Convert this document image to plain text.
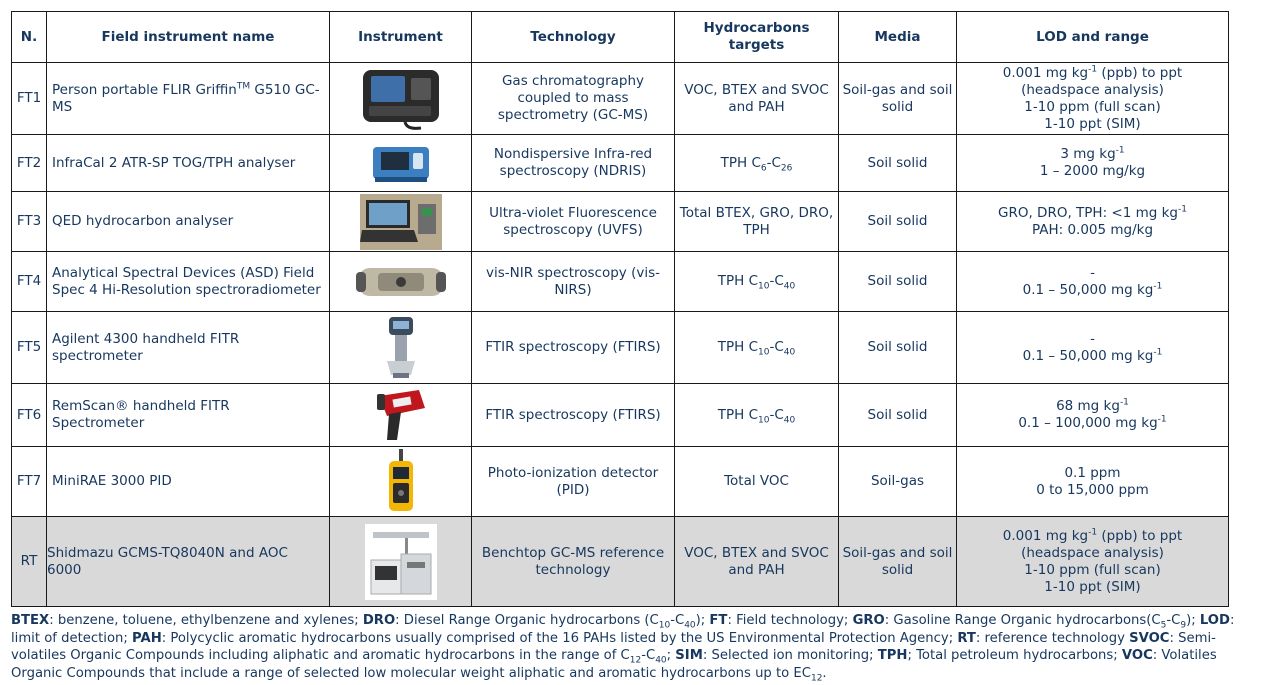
N.	Field instrument name	Instrument	Technology	Hydrocarbons targets	Media	LOD and range
FT1	Person portable FLIR Griffin™ G510 GC-MS		Gas chromatography coupled to mass spectrometry (GC-MS)	VOC, BTEX and SVOC and PAH	Soil-gas and soil solid	0.001 mg $kg^{-1}$ (ppb) to ppt
(headspace analysis)
1-10 ppm (full scan)
1-10 ppt (SIM)

FT2	InfraCal 2 ATR-SP TOG/TPH analyser		Nondispersive Infra-red spectroscopy (NDRIS)	TPH $C_6-C_{26}$	Soil solid	3 mg $kg^{-1}$
1 – 2000 mg/kg

FT3	QED hydrocarbon analyser		Ultra-violet Fluorescence spectroscopy (UVFS)	Total BTEX, GRO, DRO, TPH	Soil solid	GRO, DRO, TPH: <1 mg $kg^{-1}$
PAH: 0.005 mg/kg

FT4	Analytical Spectral Devices (ASD) Field Spec 4 Hi-Resolution spectroradiometer		vis-NIR spectroscopy (vis-NIRS)	TPH $C_{10}-C_{40}$	Soil solid	-
0.1 – 50,000 mg $kg^{-1}$

FT5	Agilent 4300 handheld FITR spectrometer		FTIR spectroscopy (FTIRS)	TPH $C_{10}-C_{40}$	Soil solid	-
0.1 – 50,000 mg $kg^{-1}$

FT6	RemScan® handheld FITR Spectrometer		FTIR spectroscopy (FTIRS)	TPH $C_{10}-C_{40}$	Soil solid	68 mg $kg^{-1}$
0.1 – 100,000 mg $kg^{-1}$

FT7	MiniRAE 3000 PID		Photo-ionization detector (PID)	Total VOC	Soil-gas	0.1 ppm
0 to 15,000 ppm

RT	Shidmazu GCMS-TQ8040N and AOC 6000		Benchtop GC-MS reference technology	VOC, BTEX and SVOC and PAH	Soil-gas and soil solid	0.001 mg $kg^{-1}$ (ppb) to ppt
(headspace analysis)
1-10 ppm (full scan)
1-10 ppt (SIM)
BTEX: benzene, toluene, ethylbenzene and xylenes; DRO: Diesel Range Organic hydrocarbons $(C_{10}-C_{40})$; FT: Field technology; GRO: Gasoline Range Organic $hydrocarbons(C_5-C_9)$; LOD: limit of detection; PAH: Polycyclic aromatic hydrocarbons usually comprised of the 16 PAHs listed by the US Environmental Protection Agency; RT: reference technology SVOC: Semi-volatiles Organic Compounds including aliphatic and aromatic hydrocarbons in the range of $C_{12}-C_{40}$; SIM: Selected ion monitoring; TPH; Total petroleum hydrocarbons; VOC: Volatiles Organic Compounds that include a range of selected low molecular weight aliphatic and aromatic hydrocarbons up to $EC_{12}$.
